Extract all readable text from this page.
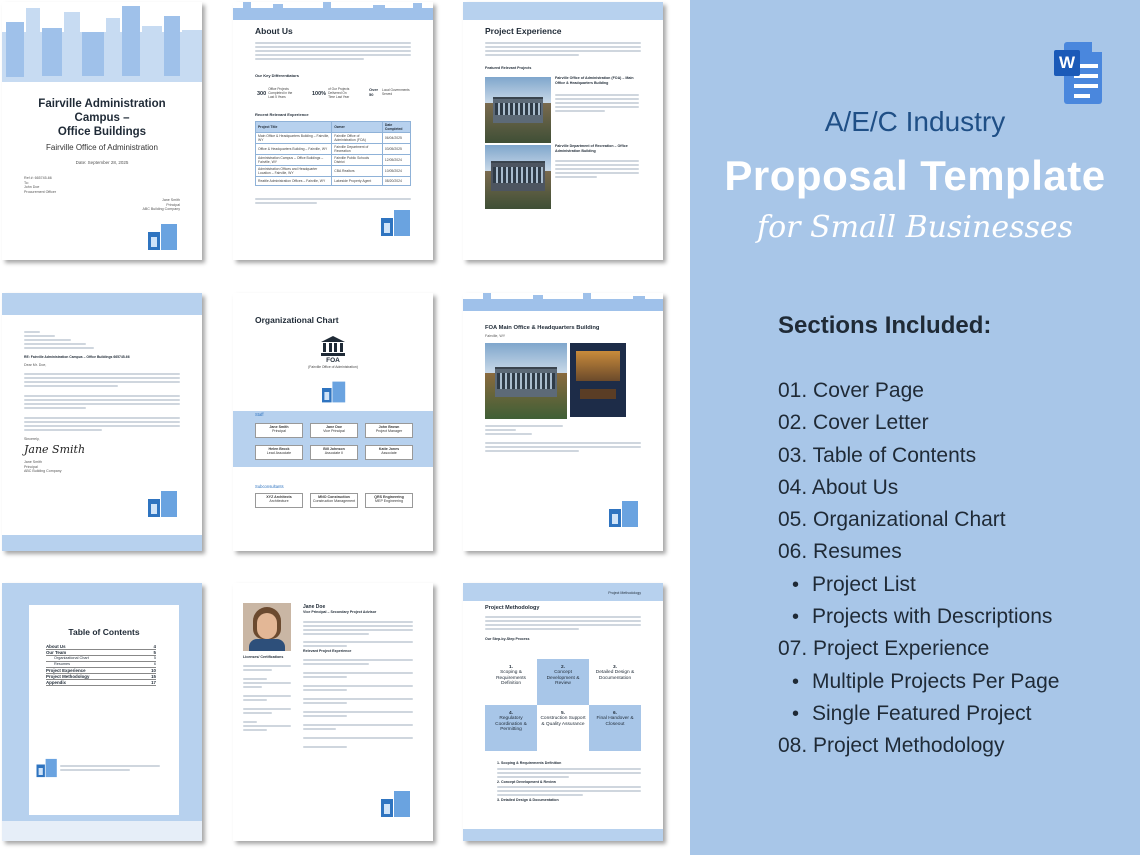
Fairville Administration
Campus –
Office Buildings
Fairville Office of Administration
Date: September 28, 2025
Ref #: 665745-66
To:
John Doe
Procurement Officer
Jane Smith
Principal
ABC Building Company
About Us
Our Key Differentiators
300Office Projects Completed in the Last 5 Years	100%of Our Projects Delivered On Time Last Year
Over 50Local Governments Served
Recent Relevant Experience
Project Title	Owner	Date Completed
Main Office & Headquarters Building – Fairville, WY	Fairville Office of Administration (FOA)	06/04/2025
Office & Headquarters Building – Fairville, WY	Fairville Department of Recreation	03/05/2025
Administration Campus – Office Buildings – Fairville, WY	Fairville Public Schools District	12/05/2024
Administration Offices and Headquarter Location – Fairville, WY	CBA Realtors	10/05/2024
Reattle Administration Offices – Fairville, WY	Lakeside Property Agent	08/20/2024
Project Experience
Featured Relevant Projects
Fairville Office of Administration (FOA) – Main Office & Headquarters Building
Fairville Department of Recreation – Office Administration Building
RE: Fairville Administration Campus – Office Buildings 665745-66
Dear Mr. Doe,
Sincerely,
Jane Smith
Jane Smith
Principal
ABC Building Company
Organizational Chart
FOA
(Fairville Office of Administration)
Staff
Jane Smith
Principal
Jane Doe
Vice Principal
John Brown
Project Manager
Helen Brock
Lead Associate
Bill Johnson
Associate II
Katie Jones
Associate
Subconsultants
XYZ Architects
Architecture
MNO Construction
Construction Management
QRS Engineering
MEP Engineering
FOA Main Office & Headquarters Building
Fairville, WY
Table of Contents
About Us	4
Our Team	5
Organizational Chart	5
Resumes	6
Project Experience	10
Project Methodology	15
Appendix	17
Jane Doe
Vice Principal – Secondary Project Advisor
Licenses/ Certifications
Relevant Project Experience
Project Methodology
Project Methodology
Our Step-by-Step Process
1.
Scoping & Requirements Definition
2.
Concept Development & Review
3.
Detailed Design & Documentation
4.
Regulatory Coordination & Permitting
5.
Construction Support & Quality Assurance
6.
Final Handover & Closeout
1. Scoping & Requirements Definition
2. Concept Development & Review
3. Detailed Design & Documentation
W
A/E/C Industry
Proposal Template
for Small Businesses
Sections Included:
01. Cover Page
02. Cover Letter
03. Table of Contents
04. About Us
05. Organizational Chart
06. Resumes
• Project List
• Projects with Descriptions
07. Project Experience
• Multiple Projects Per Page
• Single Featured Project
08. Project Methodology
